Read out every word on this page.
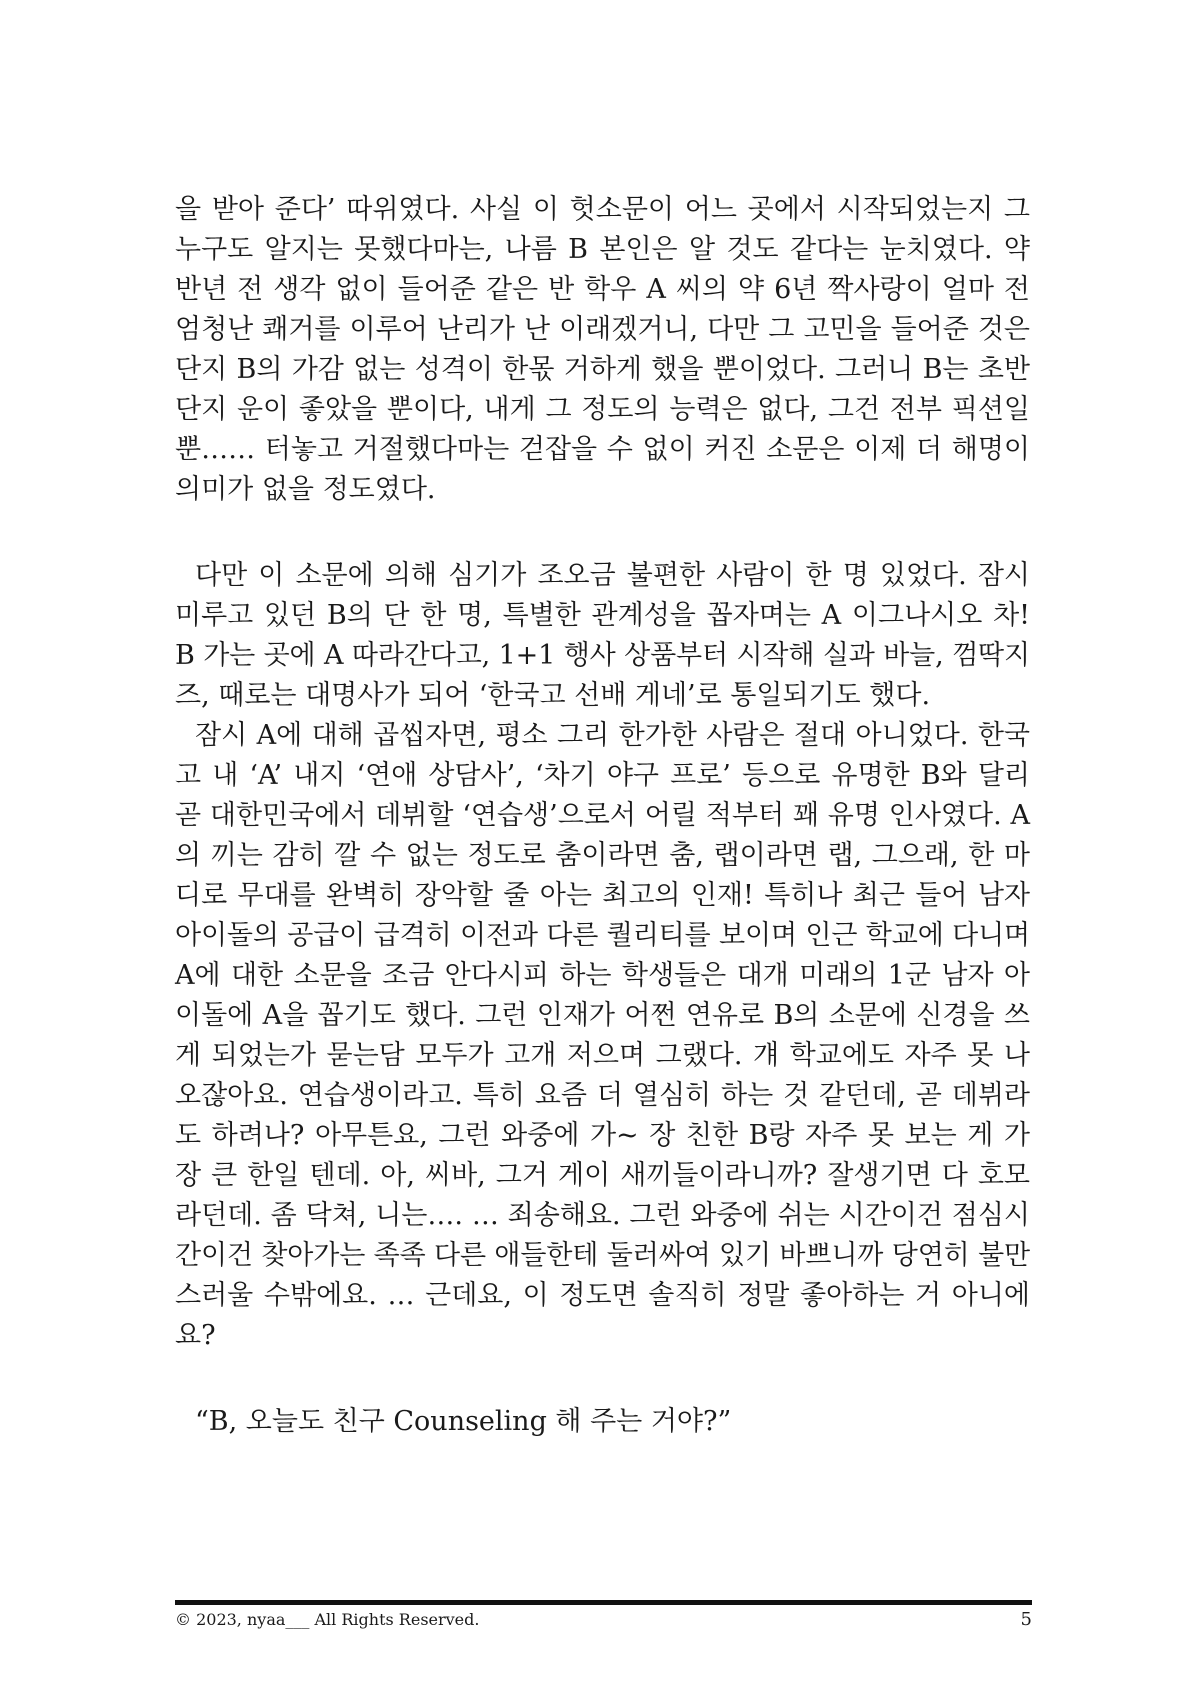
을 받아 준다’ 따위였다. 사실 이 헛소문이 어느 곳에서 시작되었는지 그
누구도 알지는 못했다마는, 나름 B 본인은 알 것도 같다는 눈치였다. 약
반년 전 생각 없이 들어준 같은 반 학우 A 씨의 약 6년 짝사랑이 얼마 전
엄청난 쾌거를 이루어 난리가 난 이래겠거니, 다만 그 고민을 들어준 것은
단지 B의 가감 없는 성격이 한몫 거하게 했을 뿐이었다. 그러니 B는 초반
단지 운이 좋았을 뿐이다, 내게 그 정도의 능력은 없다, 그건 전부 픽션일
뿐…… 터놓고 거절했다마는 걷잡을 수 없이 커진 소문은 이제 더 해명이
의미가 없을 정도였다.
다만 이 소문에 의해 심기가 조오금 불편한 사람이 한 명 있었다. 잠시
미루고 있던 B의 단 한 명, 특별한 관계성을 꼽자며는 A 이그나시오 차!
B 가는 곳에 A 따라간다고, 1+1 행사 상품부터 시작해 실과 바늘, 껌딱지
즈, 때로는 대명사가 되어 ‘한국고 선배 게네’로 통일되기도 했다.
잠시 A에 대해 곱씹자면, 평소 그리 한가한 사람은 절대 아니었다. 한국
고 내 ‘A’ 내지 ‘연애 상담사’, ‘차기 야구 프로’ 등으로 유명한 B와 달리
곧 대한민국에서 데뷔할 ‘연습생’으로서 어릴 적부터 꽤 유명 인사였다. A
의 끼는 감히 깔 수 없는 정도로 춤이라면 춤, 랩이라면 랩, 그으래, 한 마
디로 무대를 완벽히 장악할 줄 아는 최고의 인재! 특히나 최근 들어 남자
아이돌의 공급이 급격히 이전과 다른 퀄리티를 보이며 인근 학교에 다니며
A에 대한 소문을 조금 안다시피 하는 학생들은 대개 미래의 1군 남자 아
이돌에 A을 꼽기도 했다. 그런 인재가 어쩐 연유로 B의 소문에 신경을 쓰
게 되었는가 묻는담 모두가 고개 저으며 그랬다. 걔 학교에도 자주 못 나
오잖아요. 연습생이라고. 특히 요즘 더 열심히 하는 것 같던데, 곧 데뷔라
도 하려나? 아무튼요, 그런 와중에 가~ 장 친한 B랑 자주 못 보는 게 가
장 큰 한일 텐데. 아, 씨바, 그거 게이 새끼들이라니까? 잘생기면 다 호모
라던데. 좀 닥쳐, 니는…. … 죄송해요. 그런 와중에 쉬는 시간이건 점심시
간이건 찾아가는 족족 다른 애들한테 둘러싸여 있기 바쁘니까 당연히 불만
스러울 수밖에요. … 근데요, 이 정도면 솔직히 정말 좋아하는 거 아니에
요?
“B, 오늘도 친구 Counseling 해 주는 거야?”
© 2023, nyaa___ All Rights Reserved.	5
